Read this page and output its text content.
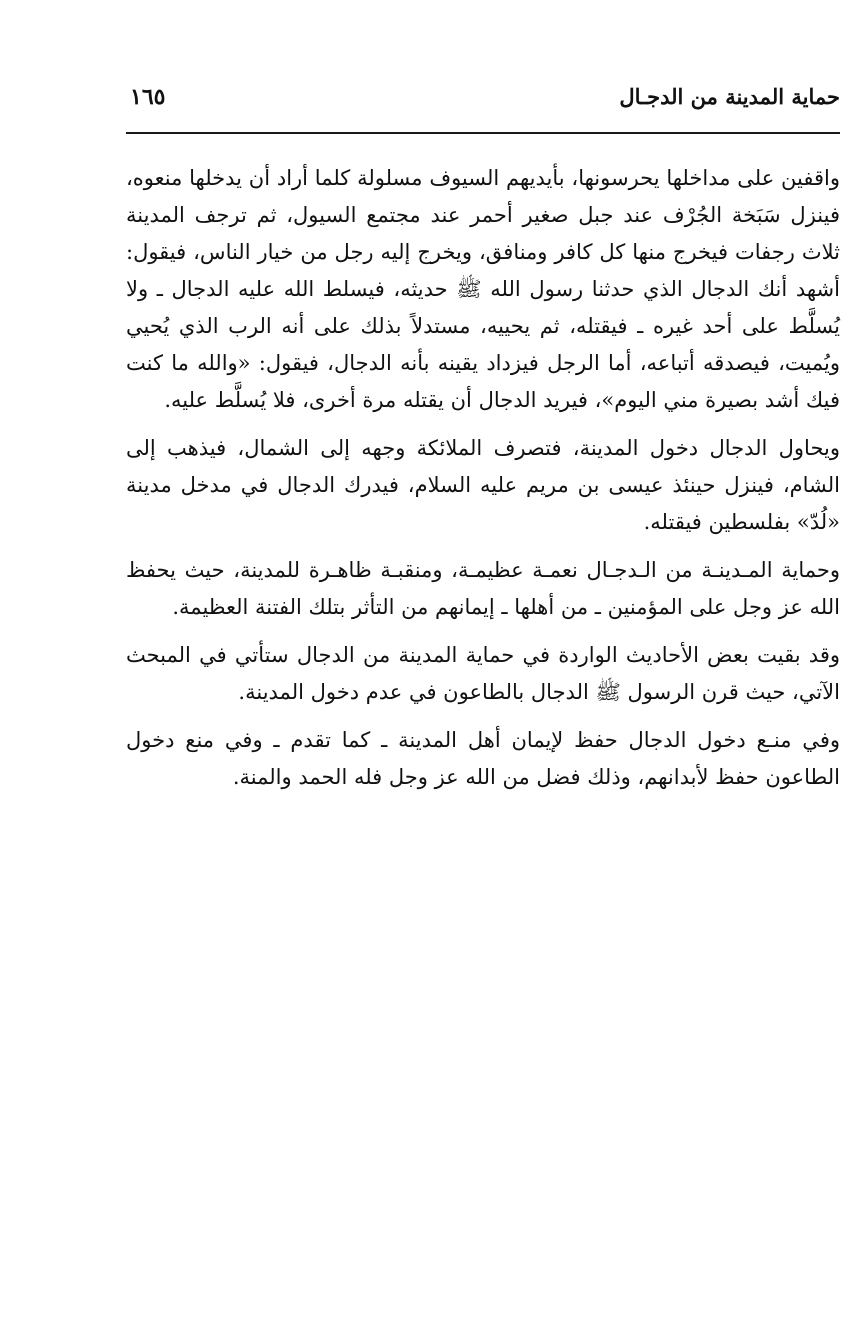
حماية المدينة من الدجـال
١٦٥

واقفين على مداخلها يحرسونها، بأيديهم السيوف مسلولة كلما أراد أن يدخلها منعوه، فينزل سَبَخة الجُرْف عند جبل صغير أحمر عند مجتمع السيول، ثم ترجف المدينة ثلاث رجفات فيخرج منها كل كافر ومنافق، ويخرج إليه رجل من خيار الناس، فيقول: أشهد أنك الدجال الذي حدثنا رسول الله ﷺ حديثه، فيسلط الله عليه الدجال ـ ولا يُسلَّط على أحد غيره ـ فيقتله، ثم يحييه، مستدلاً بذلك على أنه الرب الذي يُحيي ويُميت، فيصدقه أتباعه، أما الرجل فيزداد يقينه بأنه الدجال، فيقول: «والله ما كنت فيك أشد بصيرة مني اليوم»، فيريد الدجال أن يقتله مرة أخرى، فلا يُسلَّط عليه.

ويحاول الدجال دخول المدينة، فتصرف الملائكة وجهه إلى الشمال، فيذهب إلى الشام، فينزل حينئذ عيسى بن مريم عليه السلام، فيدرك الدجال في مدخل مدينة «لُدّ» بفلسطين فيقتله.

وحماية المـدينـة من الـدجـال نعمـة عظيمـة، ومنقبـة ظاهـرة للمدينة، حيث يحفظ الله عز وجل على المؤمنين ـ من أهلها ـ إيمانهم من التأثر بتلك الفتنة العظيمة.

وقد بقيت بعض الأحاديث الواردة في حماية المدينة من الدجال ستأتي في المبحث الآتي، حيث قرن الرسول ﷺ الدجال بالطاعون في عدم دخول المدينة.

وفي منـع دخول الدجال حفظ لإيمان أهل المدينة ـ كما تقدم ـ وفي منع دخول الطاعون حفظ لأبدانهم، وذلك فضل من الله عز وجل فله الحمد والمنة.
